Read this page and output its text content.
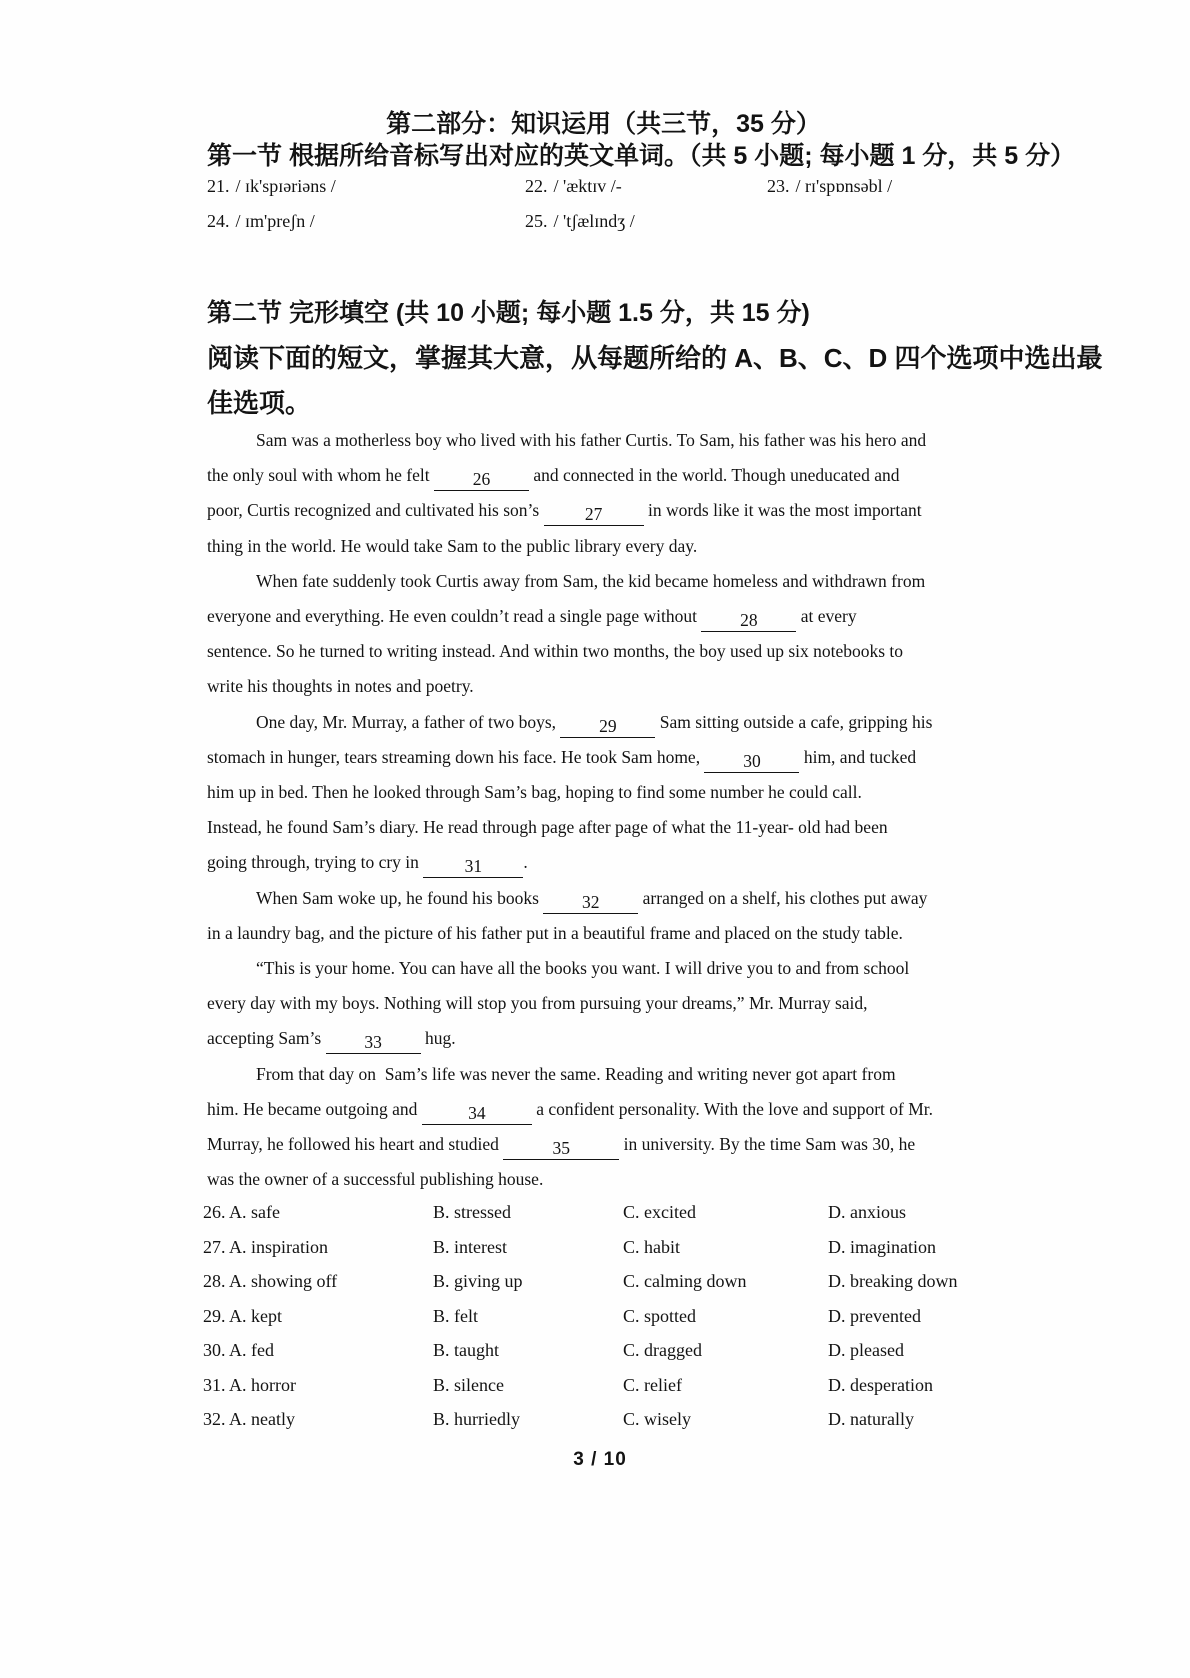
第二部分：知识运用（共三节，35 分）
第一节 根据所给音标写出对应的英文单词。（共 5 小题; 每小题 1 分，共 5 分）
21. / ɪk'spɪəriəns /	22. / 'æktɪv /-	23. / rɪ'spɒnsəbl /
24. / ɪm'preʃn /	25. / 'tʃælɪndʒ /
第二节 完形填空 (共 10 小题; 每小题 1.5 分，共 15 分)
阅读下面的短文，掌握其大意，从每题所给的 A、B、C、D 四个选项中选出最
佳选项。
Sam was a motherless boy who lived with his father Curtis. To Sam, his father was his hero and
the only soul with whom he felt 26 and connected in the world. Though uneducated and
poor, Curtis recognized and cultivated his son’s 27 in words like it was the most important
thing in the world. He would take Sam to the public library every day.
When fate suddenly took Curtis away from Sam, the kid became homeless and withdrawn from
everyone and everything. He even couldn’t read a single page without 28 at every
sentence. So he turned to writing instead. And within two months, the boy used up six notebooks to
write his thoughts in notes and poetry.
One day, Mr. Murray, a father of two boys, 29 Sam sitting outside a cafe, gripping his
stomach in hunger, tears streaming down his face. He took Sam home, 30 him, and tucked
him up in bed. Then he looked through Sam’s bag, hoping to find some number he could call.
Instead, he found Sam’s diary. He read through page after page of what the 11-year- old had been
going through, trying to cry in 31 .
When Sam woke up, he found his books 32 arranged on a shelf, his clothes put away
in a laundry bag, and the picture of his father put in a beautiful frame and placed on the study table.
“This is your home. You can have all the books you want. I will drive you to and from school
every day with my boys. Nothing will stop you from pursuing your dreams,” Mr. Murray said,
accepting Sam’s 33 hug.
From that day on  Sam’s life was never the same. Reading and writing never got apart from
him. He became outgoing and	34	a confident personality. With the love and support of Mr.
Murray, he followed his heart and studied	35	in university. By the time Sam was 30, he
was the owner of a successful publishing house.
26. A. safe	B. stressed	C. excited	D. anxious
27. A. inspiration	B. interest	C. habit	D. imagination
28. A. showing off	B. giving up	C. calming down	D. breaking down
29. A. kept	B. felt	C. spotted	D. prevented
30. A. fed	B. taught	C. dragged	D. pleased
31. A. horror	B. silence	C. relief	D. desperation
32. A. neatly	B. hurriedly	C. wisely	D. naturally
3 / 10
